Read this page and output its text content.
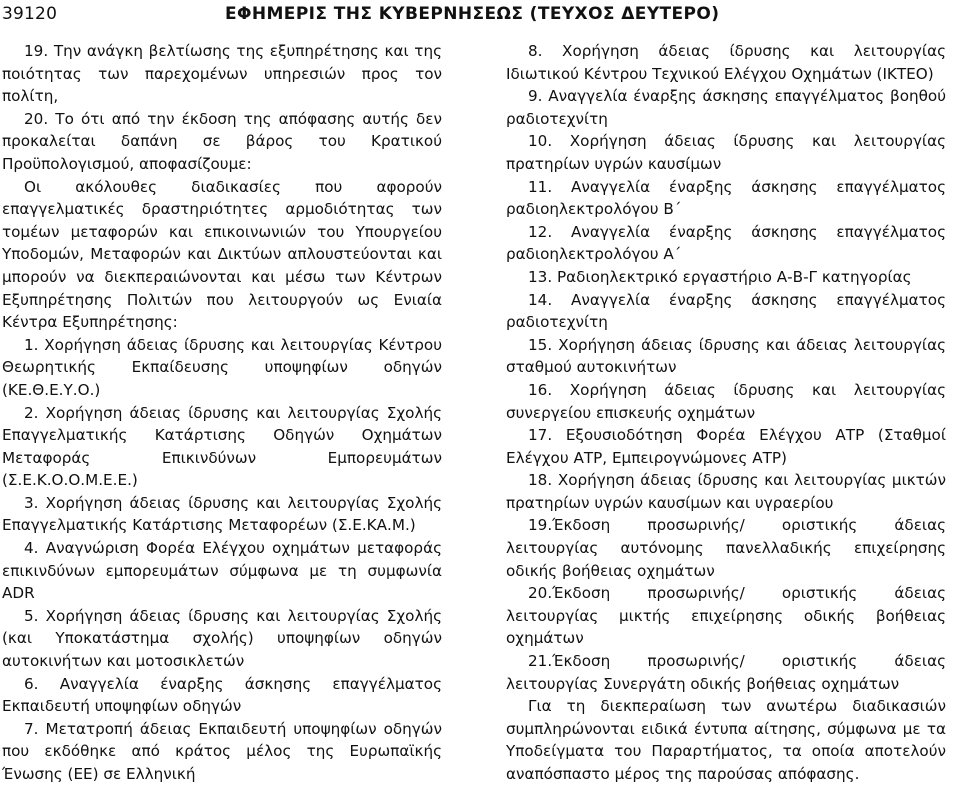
39120	ΕΦΗΜΕΡΙΣ ΤΗΣ ΚΥΒΕΡΝΗΣΕΩΣ (ΤΕΥΧΟΣ ΔΕΥΤΕΡΟ)

19. Την ανάγκη βελτίωσης της εξυπηρέτησης και της ποιότητας των παρεχομένων υπηρεσιών προς τον πολίτη,

20. Το ότι από την έκδοση της απόφασης αυτής δεν προκαλείται δαπάνη σε βάρος του Κρατικού Προϋπολογισμού, αποφασίζουμε:

Οι ακόλουθες διαδικασίες που αφορούν επαγγελματικές δραστηριότητες αρμοδιότητας των τομέων μεταφορών και επικοινωνιών του Υπουργείου Υποδομών, Μεταφορών και Δικτύων απλουστεύονται και μπορούν να διεκπεραιώνονται και μέσω των Κέντρων Εξυπηρέτησης Πολιτών που λειτουργούν ως Ενιαία Κέντρα Εξυπηρέτησης:

1. Χορήγηση άδειας ίδρυσης και λειτουργίας Κέντρου Θεωρητικής Εκπαίδευσης υποψηφίων οδηγών (ΚΕ.Θ.Ε.Υ.Ο.)

2. Χορήγηση άδειας ίδρυσης και λειτουργίας Σχολής Επαγγελματικής Κατάρτισης Οδηγών Οχημάτων Μεταφοράς Επικινδύνων Εμπορευμάτων (Σ.Ε.Κ.Ο.Ο.Μ.Ε.Ε.)

3. Χορήγηση άδειας ίδρυσης και λειτουργίας Σχολής Επαγγελματικής Κατάρτισης Μεταφορέων (Σ.Ε.ΚΑ.Μ.)

4. Αναγνώριση Φορέα Ελέγχου οχημάτων μεταφοράς επικινδύνων εμπορευμάτων σύμφωνα με τη συμφωνία ADR

5. Χορήγηση άδειας ίδρυσης και λειτουργίας Σχολής (και Υποκατάστημα σχολής) υποψηφίων οδηγών αυτοκινήτων και μοτοσικλετών

6. Αναγγελία έναρξης άσκησης επαγγέλματος Εκπαιδευτή υποψηφίων οδηγών

7. Μετατροπή άδειας Εκπαιδευτή υποψηφίων οδηγών που εκδόθηκε από κράτος μέλος της Ευρωπαϊκής Ένωσης (ΕΕ) σε Ελληνική

8. Χορήγηση άδειας ίδρυσης και λειτουργίας Ιδιωτικού Κέντρου Τεχνικού Ελέγχου Οχημάτων (ΙΚΤΕΟ)

9. Αναγγελία έναρξης άσκησης επαγγέλματος βοηθού ραδιοτεχνίτη

10. Χορήγηση άδειας ίδρυσης και λειτουργίας πρατηρίων υγρών καυσίμων

11. Αναγγελία έναρξης άσκησης επαγγέλματος ραδιοηλεκτρολόγου Β΄

12. Αναγγελία έναρξης άσκησης επαγγέλματος ραδιοηλεκτρολόγου Α΄

13. Ραδιοηλεκτρικό εργαστήριο Α-Β-Γ κατηγορίας

14. Αναγγελία έναρξης άσκησης επαγγέλματος ραδιοτεχνίτη

15. Χορήγηση άδειας ίδρυσης και άδειας λειτουργίας σταθμού αυτοκινήτων

16. Χορήγηση άδειας ίδρυσης και λειτουργίας συνεργείου επισκευής οχημάτων

17. Εξουσιοδότηση Φορέα Ελέγχου ΑΤΡ (Σταθμοί Ελέγχου ΑΤΡ, Εμπειρογνώμονες ΑΤΡ)

18. Χορήγηση άδειας ίδρυσης και λειτουργίας μικτών πρατηρίων υγρών καυσίμων και υγραερίου

19.Έκδοση προσωρινής/ οριστικής άδειας λειτουργίας αυτόνομης πανελλαδικής επιχείρησης οδικής βοήθειας οχημάτων

20.Έκδοση προσωρινής/ οριστικής άδειας λειτουργίας μικτής επιχείρησης οδικής βοήθειας οχημάτων

21.Έκδοση προσωρινής/ οριστικής άδειας λειτουργίας Συνεργάτη οδικής βοήθειας οχημάτων

Για τη διεκπεραίωση των ανωτέρω διαδικασιών συμπληρώνονται ειδικά έντυπα αίτησης, σύμφωνα με τα Υποδείγματα του Παραρτήματος, τα οποία αποτελούν αναπόσπαστο μέρος της παρούσας απόφασης.
